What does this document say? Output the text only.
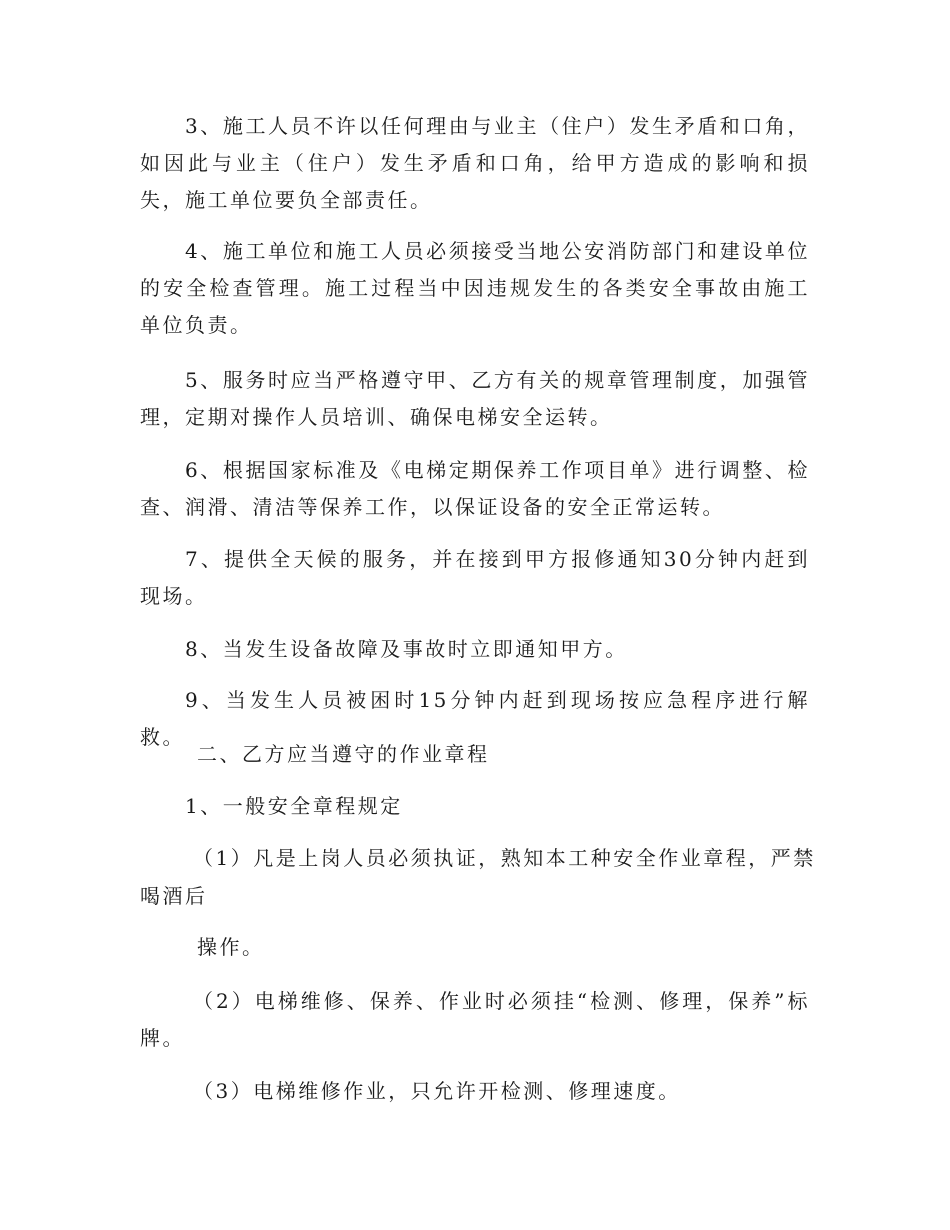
3、施工人员不许以任何理由与业主（住户）发生矛盾和口角，如因此与业主（住户）发生矛盾和口角，给甲方造成的影响和损失，施工单位要负全部责任。

4、施工单位和施工人员必须接受当地公安消防部门和建设单位的安全检查管理。施工过程当中因违规发生的各类安全事故由施工单位负责。

5、服务时应当严格遵守甲、乙方有关的规章管理制度，加强管理，定期对操作人员培训、确保电梯安全运转。

6、根据国家标准及《电梯定期保养工作项目单》进行调整、检查、润滑、清洁等保养工作，以保证设备的安全正常运转。

7、提供全天候的服务，并在接到甲方报修通知30分钟内赶到现场。

8、当发生设备故障及事故时立即通知甲方。

9、当发生人员被困时15分钟内赶到现场按应急程序进行解救。

二、乙方应当遵守的作业章程

1、一般安全章程规定

（1）凡是上岗人员必须执证，熟知本工种安全作业章程，严禁

喝酒后

操作。

（2）电梯维修、保养、作业时必须挂“检测、修理，保养”标牌。

（3）电梯维修作业，只允许开检测、修理速度。
